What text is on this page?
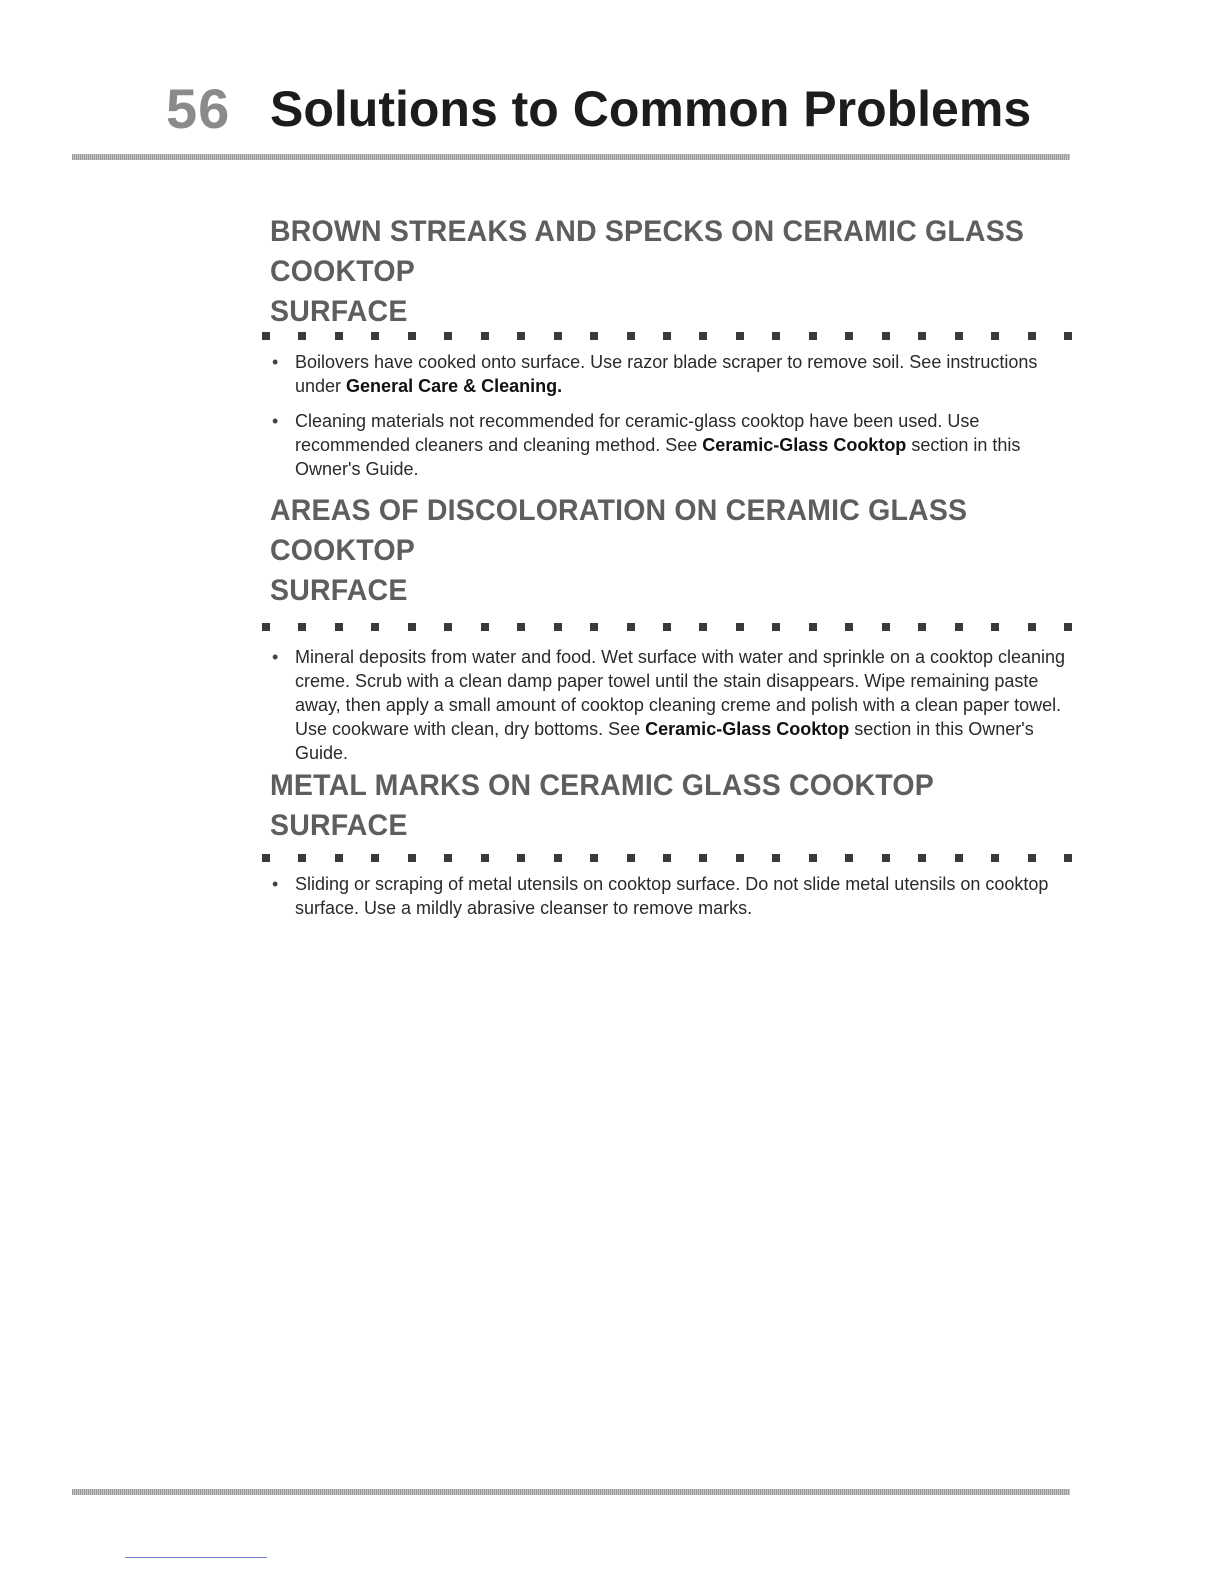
56 Solutions to Common Problems
BROWN STREAKS AND SPECKS ON CERAMIC GLASS COOKTOP
SURFACE
• Boilovers have cooked onto surface. Use razor blade scraper to remove soil. See instructions under General Care & Cleaning.
• Cleaning materials not recommended for ceramic-glass cooktop have been used. Use recommended cleaners and cleaning method. See Ceramic-Glass Cooktop section in this Owner's Guide.
AREAS OF DISCOLORATION ON CERAMIC GLASS COOKTOP
SURFACE
• Mineral deposits from water and food. Wet surface with water and sprinkle on a cooktop cleaning creme. Scrub with a clean damp paper towel until the stain disappears. Wipe remaining paste away, then apply a small amount of cooktop cleaning creme and polish with a clean paper towel. Use cookware with clean, dry bottoms. See Ceramic-Glass Cooktop section in this Owner's Guide.
METAL MARKS ON CERAMIC GLASS COOKTOP SURFACE
• Sliding or scraping of metal utensils on cooktop surface. Do not slide metal utensils on cooktop surface. Use a mildly abrasive cleanser to remove marks.
